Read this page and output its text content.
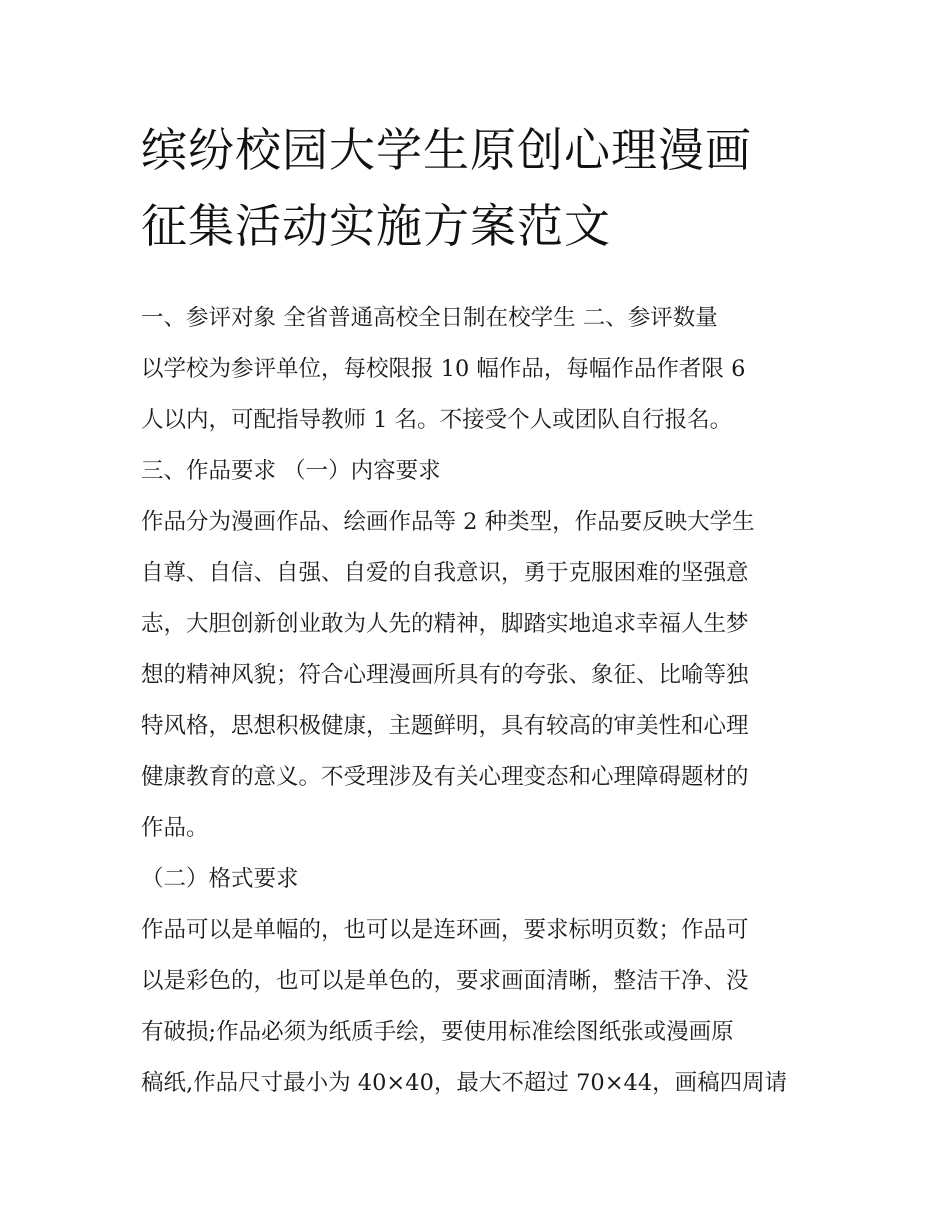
缤纷校园大学生原创心理漫画
征集活动实施方案范文
一、参评对象 全省普通高校全日制在校学生 二、参评数量
以学校为参评单位，每校限报 10 幅作品，每幅作品作者限 6
人以内，可配指导教师 1 名。不接受个人或团队自行报名。
三、作品要求 （一）内容要求
作品分为漫画作品、绘画作品等 2 种类型，作品要反映大学生
自尊、自信、自强、自爱的自我意识，勇于克服困难的坚强意
志，大胆创新创业敢为人先的精神，脚踏实地追求幸福人生梦
想的精神风貌；符合心理漫画所具有的夸张、象征、比喻等独
特风格，思想积极健康，主题鲜明，具有较高的审美性和心理
健康教育的意义。不受理涉及有关心理变态和心理障碍题材的
作品。
（二）格式要求
作品可以是单幅的，也可以是连环画，要求标明页数；作品可
以是彩色的，也可以是单色的，要求画面清晰，整洁干净、没
有破损;作品必须为纸质手绘，要使用标准绘图纸张或漫画原
稿纸,作品尺寸最小为 40×40，最大不超过 70×44，画稿四周请
